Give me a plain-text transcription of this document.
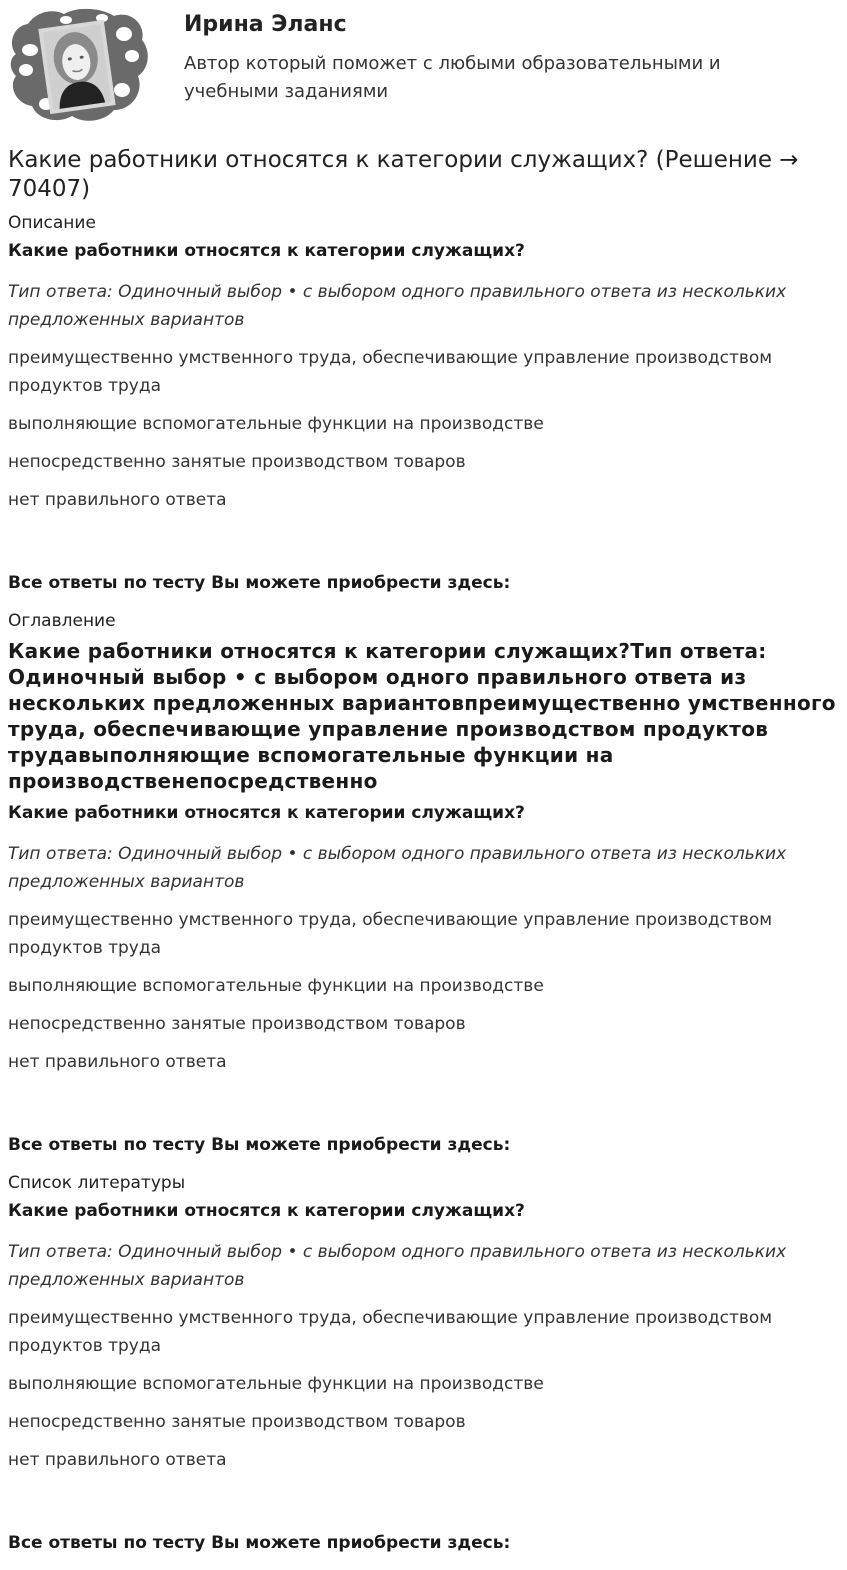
Ирина Эланс
Автор который поможет с любыми образовательными и учебными заданиями
Какие работники относятся к категории служащих? (Решение → 70407)
Описание
Какие работники относятся к категории служащих?
Тип ответа: Одиночный выбор • с выбором одного правильного ответа из нескольких предложенных вариантов
преимущественно умственного труда, обеспечивающие управление производством продуктов труда
выполняющие вспомогательные функции на производстве
непосредственно занятые производством товаров
нет правильного ответа
Все ответы по тесту Вы можете приобрести здесь:
Оглавление
Какие работники относятся к категории служащих?Тип ответа: Одиночный выбор • с выбором одного правильного ответа из нескольких предложенных вариантовпреимущественно умственного труда, обеспечивающие управление производством продуктов трудавыполняющие вспомогательные функции на производственепосредственно
Какие работники относятся к категории служащих?
Тип ответа: Одиночный выбор • с выбором одного правильного ответа из нескольких предложенных вариантов
преимущественно умственного труда, обеспечивающие управление производством продуктов труда
выполняющие вспомогательные функции на производстве
непосредственно занятые производством товаров
нет правильного ответа
Все ответы по тесту Вы можете приобрести здесь:
Список литературы
Какие работники относятся к категории служащих?
Тип ответа: Одиночный выбор • с выбором одного правильного ответа из нескольких предложенных вариантов
преимущественно умственного труда, обеспечивающие управление производством продуктов труда
выполняющие вспомогательные функции на производстве
непосредственно занятые производством товаров
нет правильного ответа
Все ответы по тесту Вы можете приобрести здесь:
